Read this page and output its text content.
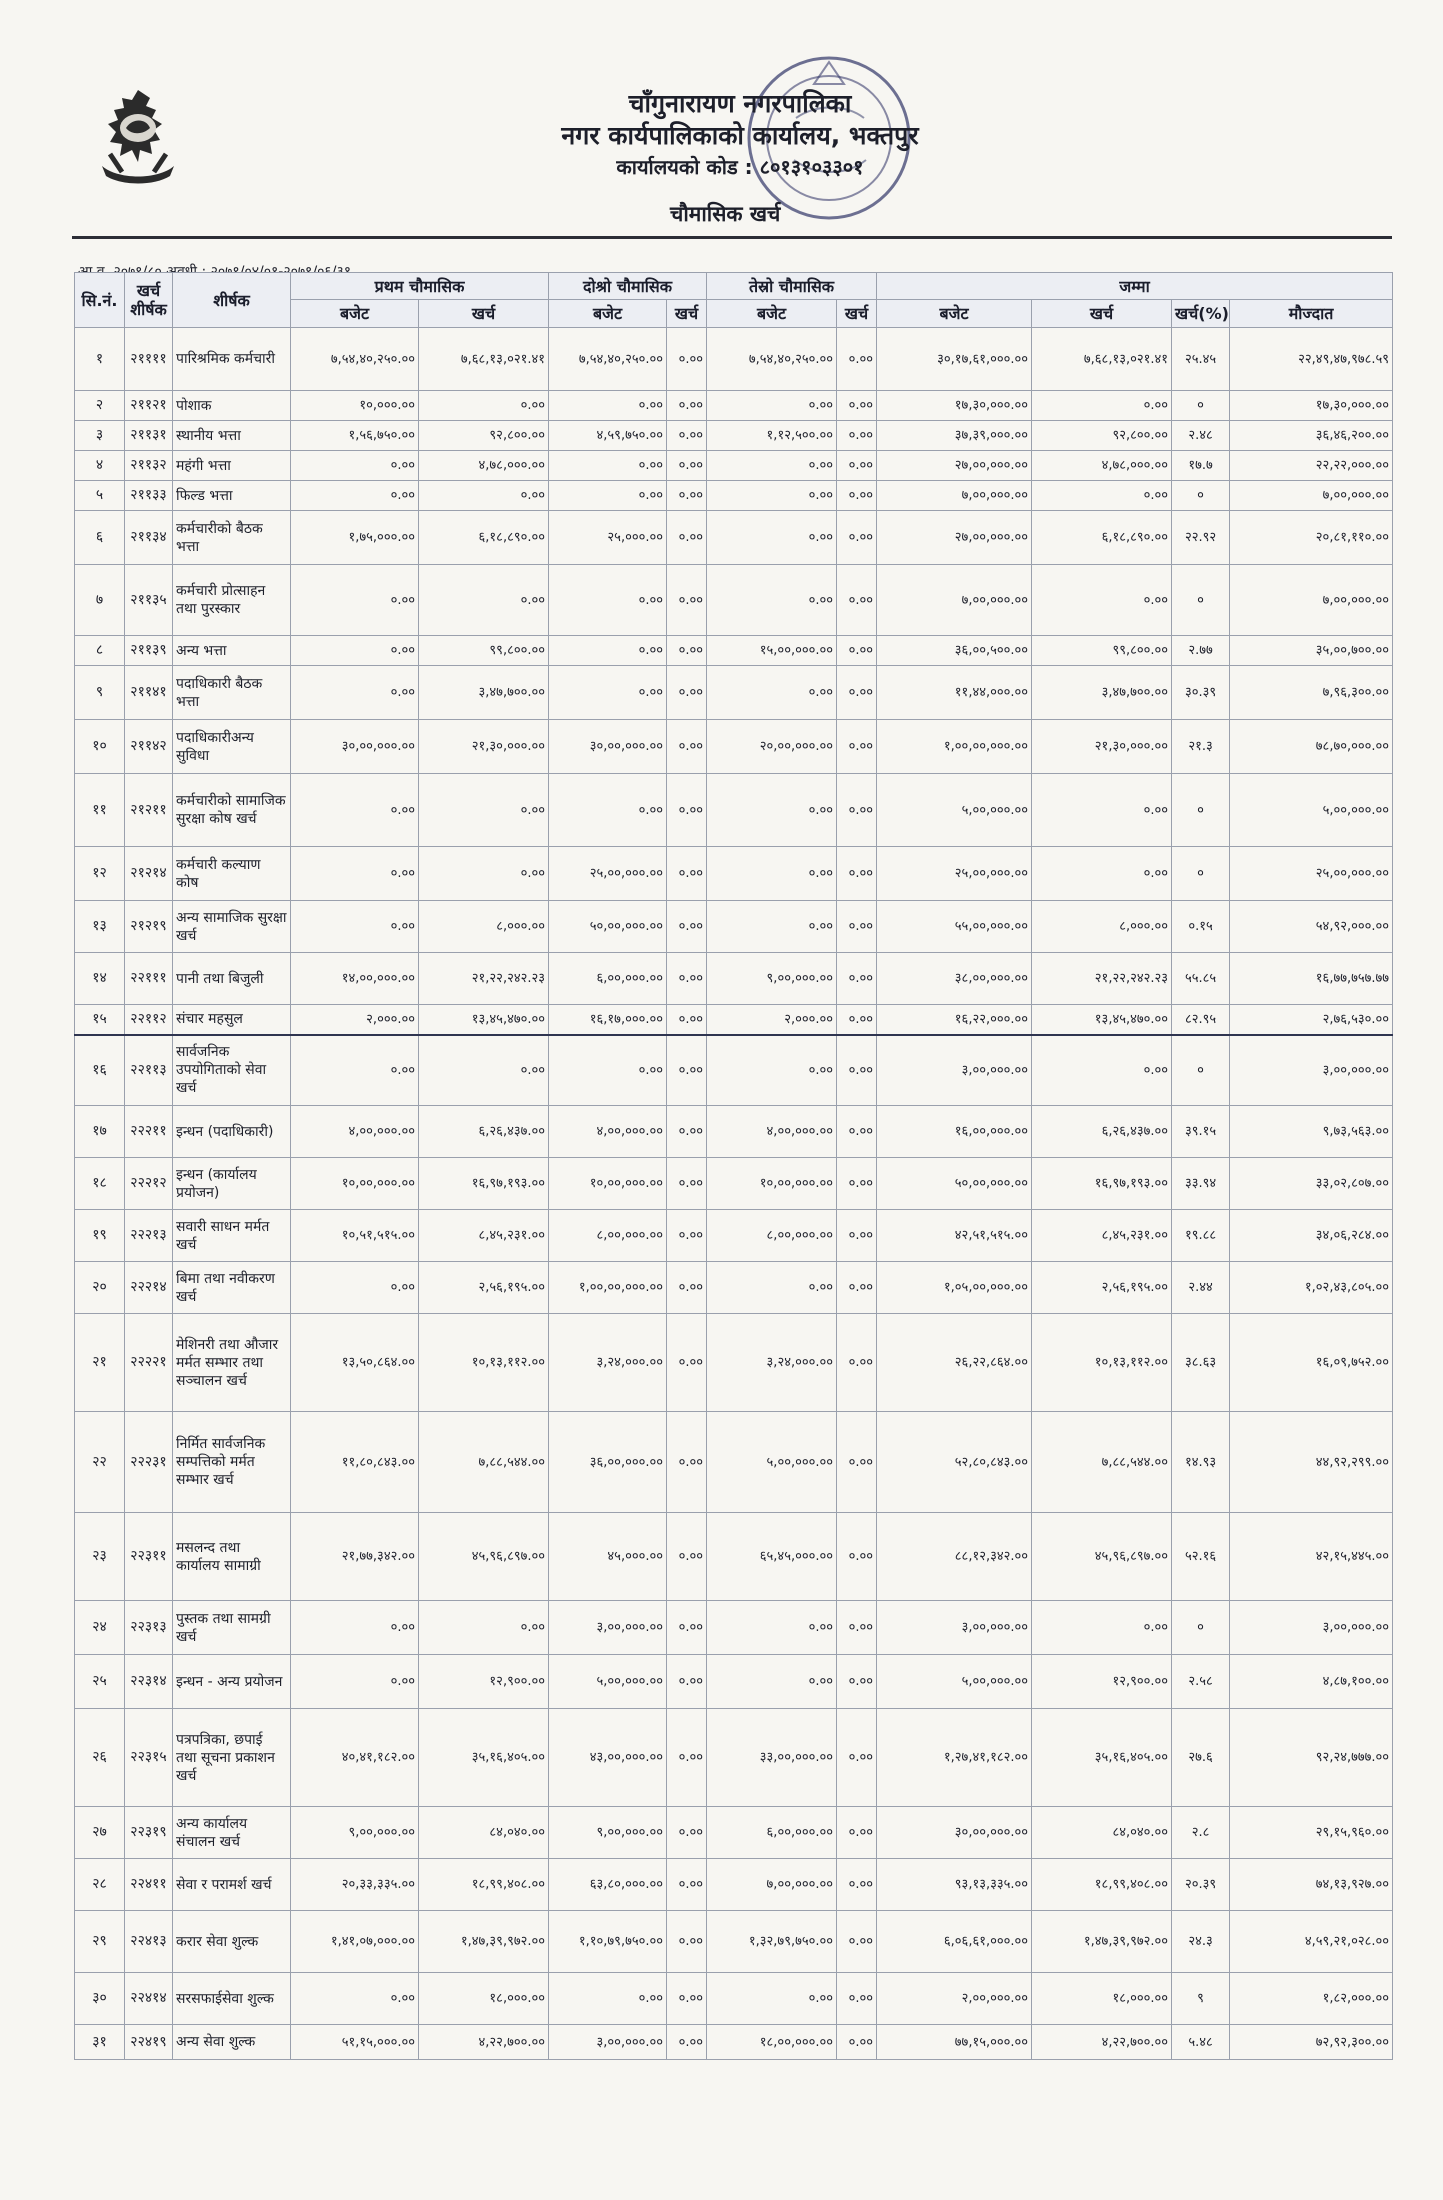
चाँगुनारायण नगरपालिका
नगर कार्यपालिकाको कार्यालय, भक्तपुर
कार्यालयको कोड : ८०१३१०३३०१
चौमासिक खर्च
सि.नं.	खर्च शीर्षक	शीर्षक	प्रथम चौमासिक		दोश्रो चौमासिक		तेस्रो चौमासिक		जम्मा			
			बजेट	खर्च	बजेट	खर्च	बजेट	खर्च	बजेट	खर्च	खर्च(%)	मौज्दात
१	२११११	पारिश्रमिक कर्मचारी	७,५४,४०,२५०.००	७,६८,१३,०२१.४१	७,५४,४०,२५०.००	०.००	७,५४,४०,२५०.००	०.००	३०,१७,६१,०००.००	७,६८,१३,०२१.४१	२५.४५	२२,४९,४७,९७८.५९
२	२११२१	पोशाक	१०,०००.००	०.००	०.००	०.००	०.००	०.००	१७,३०,०००.००	०.००	०	१७,३०,०००.००
३	२११३१	स्थानीय भत्ता	१,५६,७५०.००	९२,८००.००	४,५९,७५०.००	०.००	१,१२,५००.००	०.००	३७,३९,०००.००	९२,८००.००	२.४८	३६,४६,२००.००
४	२११३२	महंगी भत्ता	०.००	४,७८,०००.००	०.००	०.००	०.००	०.००	२७,००,०००.००	४,७८,०००.००	१७.७	२२,२२,०००.००
५	२११३३	फिल्ड भत्ता	०.००	०.००	०.००	०.००	०.००	०.००	७,००,०००.००	०.००	०	७,००,०००.००
६	२११३४	कर्मचारीको बैठक भत्ता	१,७५,०००.००	६,१८,८९०.००	२५,०००.००	०.००	०.००	०.००	२७,००,०००.००	६,१८,८९०.००	२२.९२	२०,८१,११०.००
७	२११३५	कर्मचारी प्रोत्साहन तथा पुरस्कार	०.००	०.००	०.००	०.००	०.००	०.००	७,००,०००.००	०.००	०	७,००,०००.००
८	२११३९	अन्य भत्ता	०.००	९९,८००.००	०.००	०.००	१५,००,०००.००	०.००	३६,००,५००.००	९९,८००.००	२.७७	३५,००,७००.००
९	२११४१	पदाधिकारी बैठक भत्ता	०.००	३,४७,७००.००	०.००	०.००	०.००	०.००	११,४४,०००.००	३,४७,७००.००	३०.३९	७,९६,३००.००
१०	२११४२	पदाधिकारीअन्य सुविधा	३०,००,०००.००	२१,३०,०००.००	३०,००,०००.००	०.००	२०,००,०००.००	०.००	१,००,००,०००.००	२१,३०,०००.००	२१.३	७८,७०,०००.००
११	२१२११	कर्मचारीको सामाजिक सुरक्षा कोष खर्च	०.००	०.००	०.००	०.००	०.००	०.००	५,००,०००.००	०.००	०	५,००,०००.००
१२	२१२१४	कर्मचारी कल्याण कोष	०.००	०.००	२५,००,०००.००	०.००	०.००	०.००	२५,००,०००.००	०.००	०	२५,००,०००.००
१३	२१२१९	अन्य सामाजिक सुरक्षा खर्च	०.००	८,०००.००	५०,००,०००.००	०.००	०.००	०.००	५५,००,०००.००	८,०००.००	०.१५	५४,९२,०००.००
१४	२२१११	पानी तथा बिजुली	१४,००,०००.००	२१,२२,२४२.२३	६,००,०००.००	०.००	९,००,०००.००	०.००	३८,००,०००.००	२१,२२,२४२.२३	५५.८५	१६,७७,७५७.७७
१५	२२११२	संचार महसुल	२,०००.००	१३,४५,४७०.००	१६,१७,०००.००	०.००	२,०००.००	०.००	१६,२२,०००.००	१३,४५,४७०.००	८२.९५	२,७६,५३०.००
१६	२२११३	सार्वजनिक उपयोगिताको सेवा खर्च	०.००	०.००	०.००	०.००	०.००	०.००	३,००,०००.००	०.००	०	३,००,०००.००
१७	२२२११	इन्धन (पदाधिकारी)	४,००,०००.००	६,२६,४३७.००	४,००,०००.००	०.००	४,००,०००.००	०.००	१६,००,०००.००	६,२६,४३७.००	३९.१५	९,७३,५६३.००
१८	२२२१२	इन्धन (कार्यालय प्रयोजन)	१०,००,०००.००	१६,९७,१९३.००	१०,००,०००.००	०.००	१०,००,०००.००	०.००	५०,००,०००.००	१६,९७,१९३.००	३३.९४	३३,०२,८०७.००
१९	२२२१३	सवारी साधन मर्मत खर्च	१०,५१,५१५.००	८,४५,२३१.००	८,००,०००.००	०.००	८,००,०००.००	०.००	४२,५१,५१५.००	८,४५,२३१.००	१९.८८	३४,०६,२८४.००
२०	२२२१४	बिमा तथा नवीकरण खर्च	०.००	२,५६,१९५.००	१,००,००,०००.००	०.००	०.००	०.००	१,०५,००,०००.००	२,५६,१९५.००	२.४४	१,०२,४३,८०५.००
२१	२२२२१	मेशिनरी तथा औजार मर्मत सम्भार तथा सञ्चालन खर्च	१३,५०,८६४.००	१०,१३,११२.००	३,२४,०००.००	०.००	३,२४,०००.००	०.००	२६,२२,८६४.००	१०,१३,११२.००	३८.६३	१६,०९,७५२.००
२२	२२२३१	निर्मित सार्वजनिक सम्पत्तिको मर्मत सम्भार खर्च	११,८०,८४३.००	७,८८,५४४.००	३६,००,०००.००	०.००	५,००,०००.००	०.००	५२,८०,८४३.००	७,८८,५४४.००	१४.९३	४४,९२,२९९.००
२३	२२३११	मसलन्द तथा कार्यालय सामाग्री	२१,७७,३४२.००	४५,९६,८९७.००	४५,०००.००	०.००	६५,४५,०००.००	०.००	८८,१२,३४२.००	४५,९६,८९७.००	५२.१६	४२,१५,४४५.००
२४	२२३१३	पुस्तक तथा सामग्री खर्च	०.००	०.००	३,००,०००.००	०.००	०.००	०.००	३,००,०००.००	०.००	०	३,००,०००.००
२५	२२३१४	इन्धन - अन्य प्रयोजन	०.००	१२,९००.००	५,००,०००.००	०.००	०.००	०.००	५,००,०००.००	१२,९००.००	२.५८	४,८७,१००.००
२६	२२३१५	पत्रपत्रिका, छपाई तथा सूचना प्रकाशन खर्च	४०,४१,१८२.००	३५,१६,४०५.००	४३,००,०००.००	०.००	३३,००,०००.००	०.००	१,२७,४१,१८२.००	३५,१६,४०५.००	२७.६	९२,२४,७७७.००
२७	२२३१९	अन्य कार्यालय संचालन खर्च	९,००,०००.००	८४,०४०.००	९,००,०००.००	०.००	६,००,०००.००	०.००	३०,००,०००.००	८४,०४०.००	२.८	२९,१५,९६०.००
२८	२२४११	सेवा र परामर्श खर्च	२०,३३,३३५.००	१८,९९,४०८.००	६३,८०,०००.००	०.००	७,००,०००.००	०.००	९३,१३,३३५.००	१८,९९,४०८.००	२०.३९	७४,१३,९२७.००
२९	२२४१३	करार सेवा शुल्क	१,४१,०७,०००.००	१,४७,३९,९७२.००	१,१०,७९,७५०.००	०.००	१,३२,७९,७५०.००	०.००	६,०६,६१,०००.००	१,४७,३९,९७२.००	२४.३	४,५९,२१,०२८.००
३०	२२४१४	सरसफाईसेवा शुल्क	०.००	१८,०००.००	०.००	०.००	०.००	०.००	२,००,०००.००	१८,०००.००	९	१,८२,०००.००
३१	२२४१९	अन्य सेवा शुल्क	५१,१५,०००.००	४,२२,७००.००	३,००,०००.००	०.००	१८,००,०००.००	०.००	७७,१५,०००.००	४,२२,७००.००	५.४८	७२,९२,३००.००
